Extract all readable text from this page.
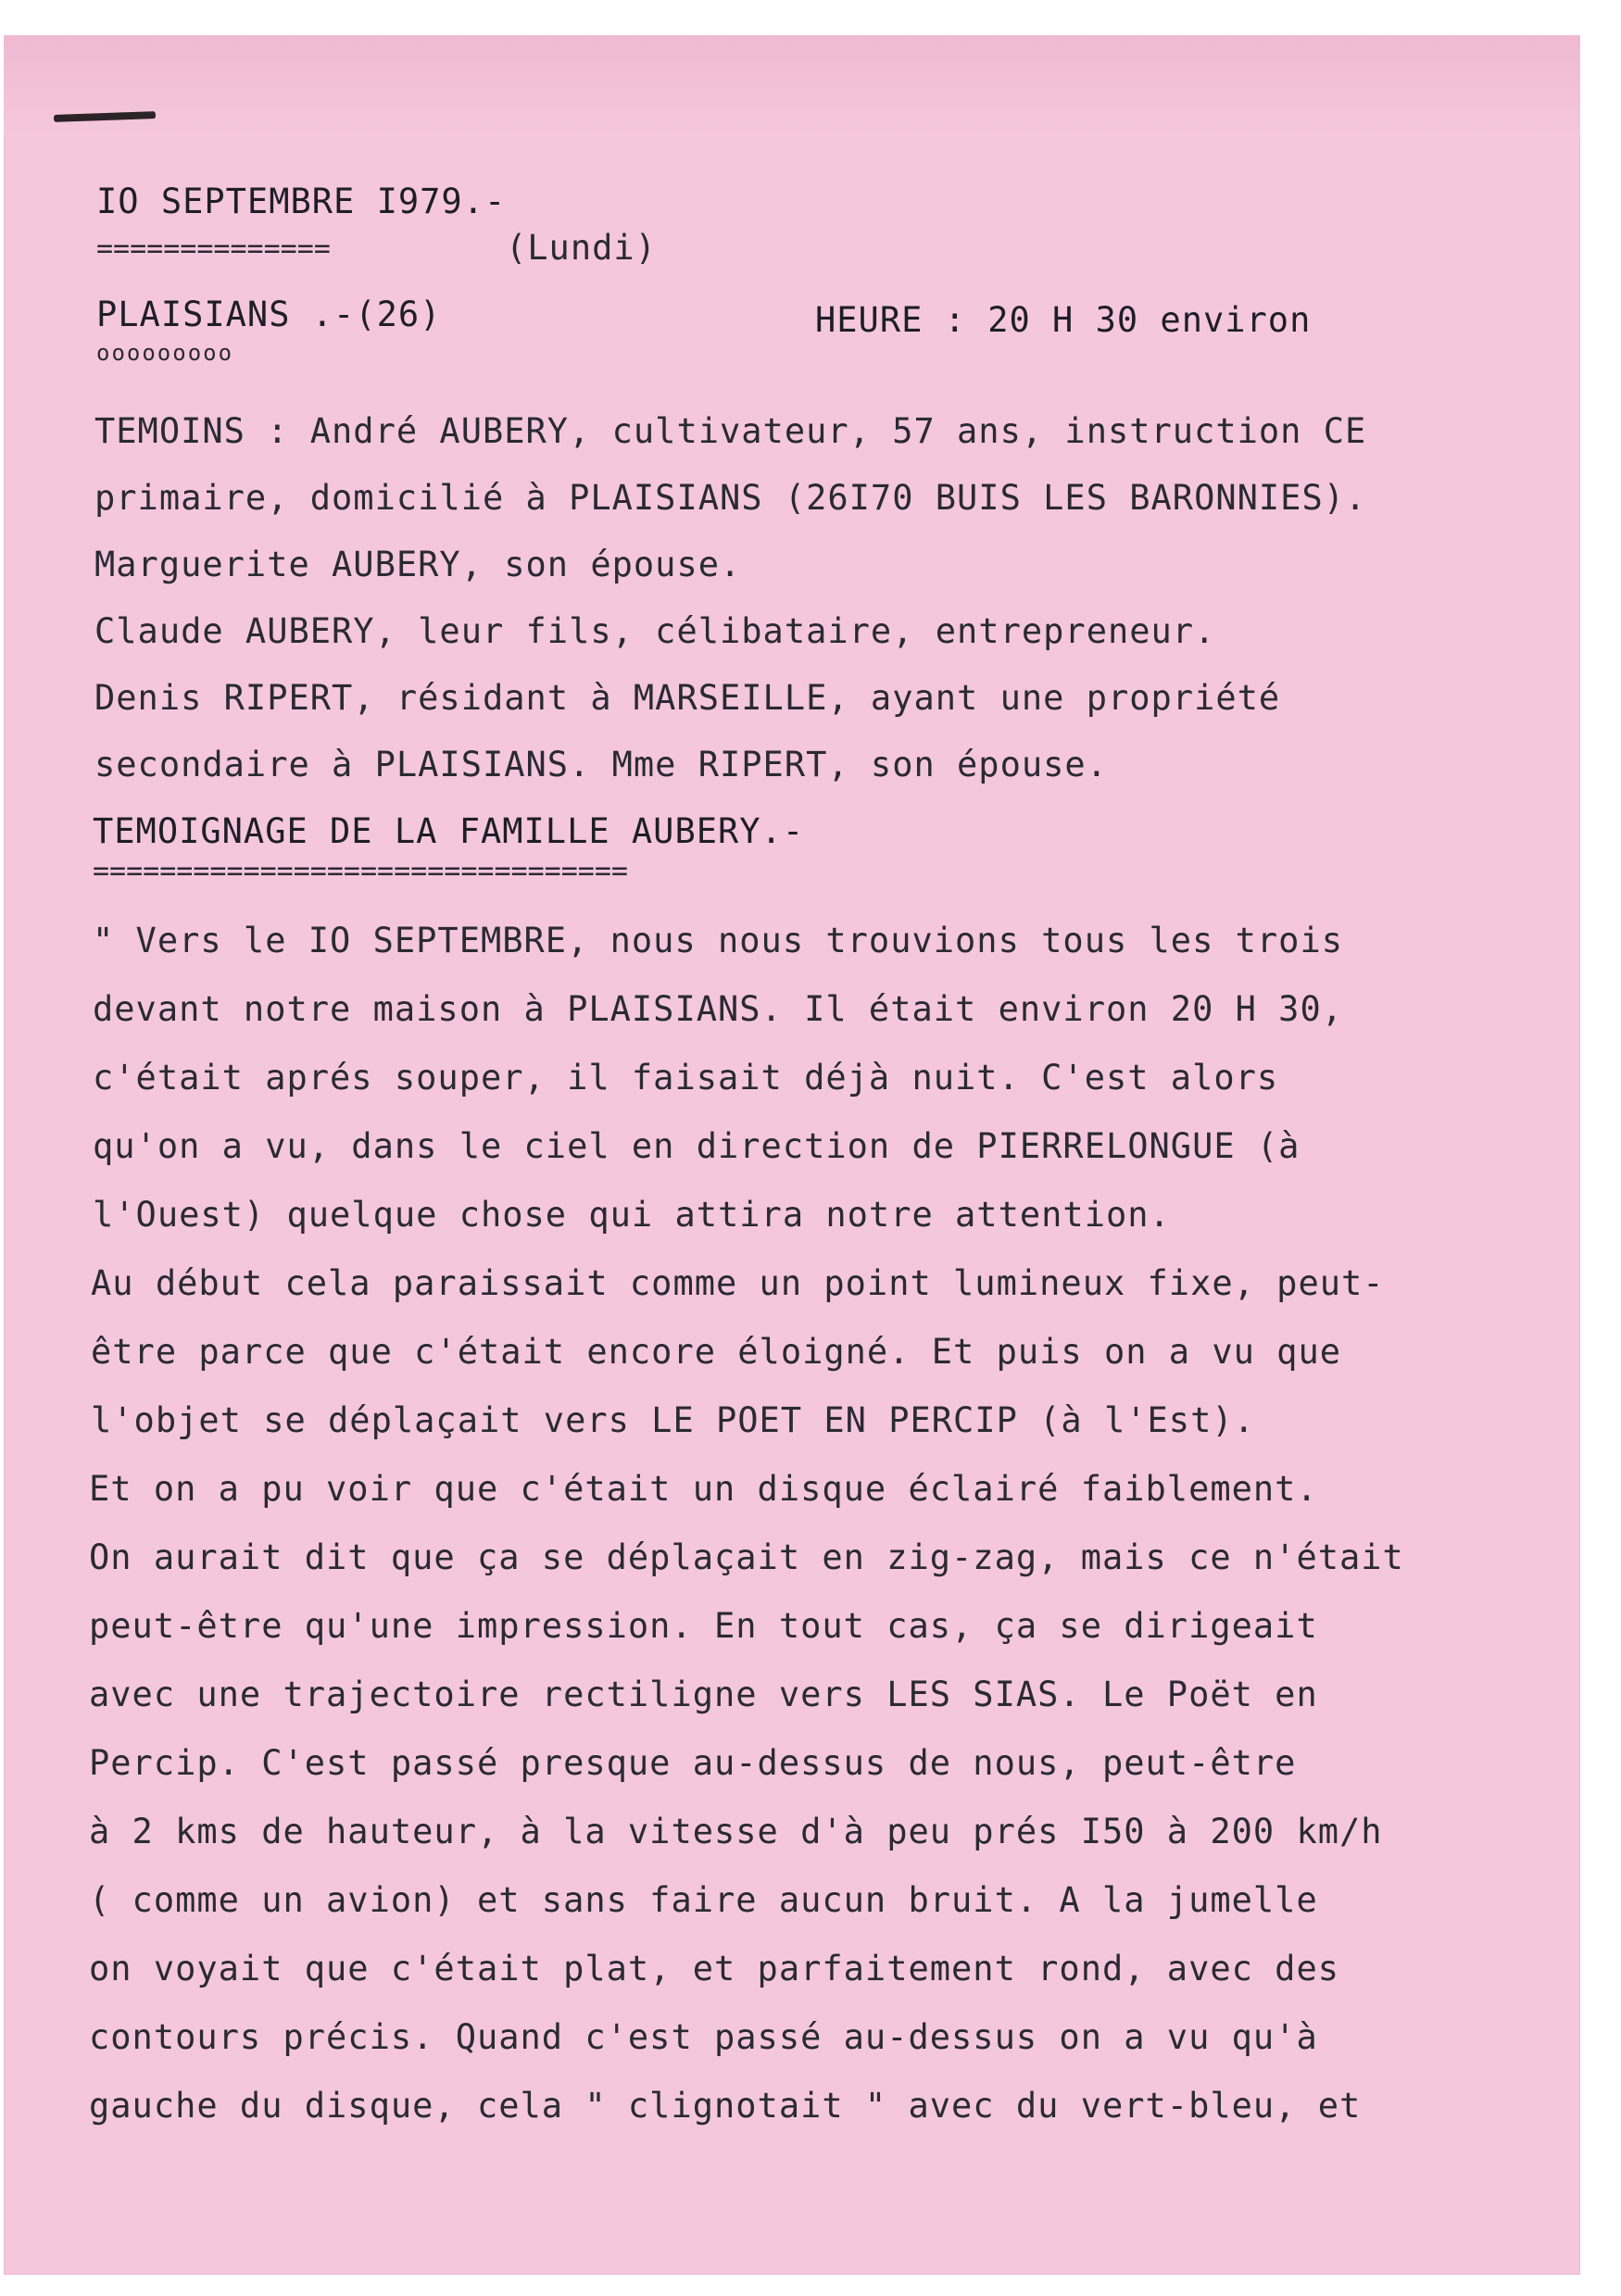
IO SEPTEMBRE I979.-
==============	(Lundi)
PLAISIANS .-(26)
ooooooooo
HEURE : 20 H 30 environ
TEMOINS : André AUBERY, cultivateur, 57 ans, instruction CE
primaire, domicilié à PLAISIANS (26I70 BUIS LES BARONNIES).
Marguerite AUBERY, son épouse.
Claude AUBERY, leur fils, célibataire, entrepreneur.
Denis RIPERT, résidant à MARSEILLE, ayant une propriété
secondaire à PLAISIANS. Mme RIPERT, son épouse.
TEMOIGNAGE DE LA FAMILLE AUBERY.-
================================
" Vers le IO SEPTEMBRE, nous nous trouvions tous les trois
devant notre maison à PLAISIANS. Il était environ 20 H 30,
c'était aprés souper, il faisait déjà nuit. C'est alors
qu'on a vu, dans le ciel en direction de PIERRELONGUE (à
l'Ouest) quelque chose qui attira notre attention.
Au début cela paraissait comme un point lumineux fixe, peut-
être parce que c'était encore éloigné. Et puis on a vu que
l'objet se déplaçait vers LE POET EN PERCIP (à l'Est).
Et on a pu voir que c'était un disque éclairé faiblement.
On aurait dit que ça se déplaçait en zig-zag, mais ce n'était
peut-être qu'une impression. En tout cas, ça se dirigeait
avec une trajectoire rectiligne vers LES SIAS. Le Poët en
Percip. C'est passé presque au-dessus de nous, peut-être
à 2 kms de hauteur, à la vitesse d'à peu prés I50 à 200 km/h
( comme un avion) et sans faire aucun bruit. A la jumelle
on voyait que c'était plat, et parfaitement rond, avec des
contours précis. Quand c'est passé au-dessus on a vu qu'à
gauche du disque, cela " clignotait " avec du vert-bleu, et
